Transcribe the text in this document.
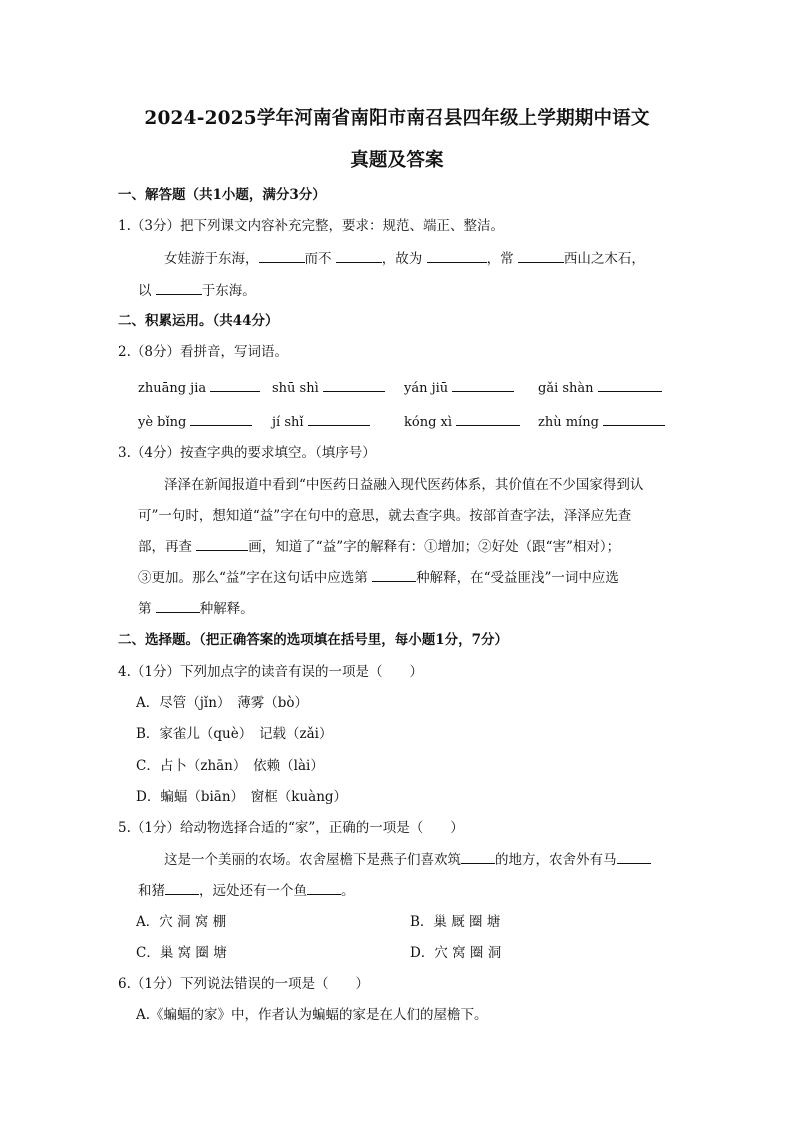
2024-2025学年河南省南阳市南召县四年级上学期期中语文
真题及答案
一、解答题（共1小题，满分3分）
1.（3分）把下列课文内容补充完整，要求：规范、端正、整洁。
女娃游于东海，	而不	，故为	，常	西山之木石，
以	于东海。
二、积累运用。（共44分）
2.（8分）看拼音，写词语。
zhuāng jia	shū shì	yán jiū	gǎi shàn
yè bǐng	jí shǐ	kóng xì	zhù míng
3.（4分）按查字典的要求填空。（填序号）
泽泽在新闻报道中看到“中医药日益融入现代医药体系，其价值在不少国家得到认
可”一句时，想知道“益”字在句中的意思，就去查字典。按部首查字法，泽泽应先查
部，再查	画，知道了“益”字的解释有：①增加；②好处（跟“害”相对）；
③更加。那么“益”字在这句话中应选第	种解释，在“受益匪浅”一词中应选
第	种解释。
二、选择题。（把正确答案的选项填在括号里，每小题1分，7分）
4.（1分）下列加点字的读音有误的一项是（　　）
A．尽管（jǐn）　薄雾（bò）
B．家雀儿（què）　记载（zǎi）
C．占卜（zhān）　依赖（lài）
D．蝙蝠（biān）　窗框（kuàng）
5.（1分）给动物选择合适的“家”，正确的一项是（　　）
这是一个美丽的农场。农舍屋檐下是燕子们喜欢筑	的地方，农舍外有马
和猪	，远处还有一个鱼	。
A．穴 洞 窝 棚	B．巢 厩 圈 塘
C．巢 窝 圈 塘	D．穴 窝 圈 洞
6.（1分）下列说法错误的一项是（　　）
A.《蝙蝠的家》中，作者认为蝙蝠的家是在人们的屋檐下。
